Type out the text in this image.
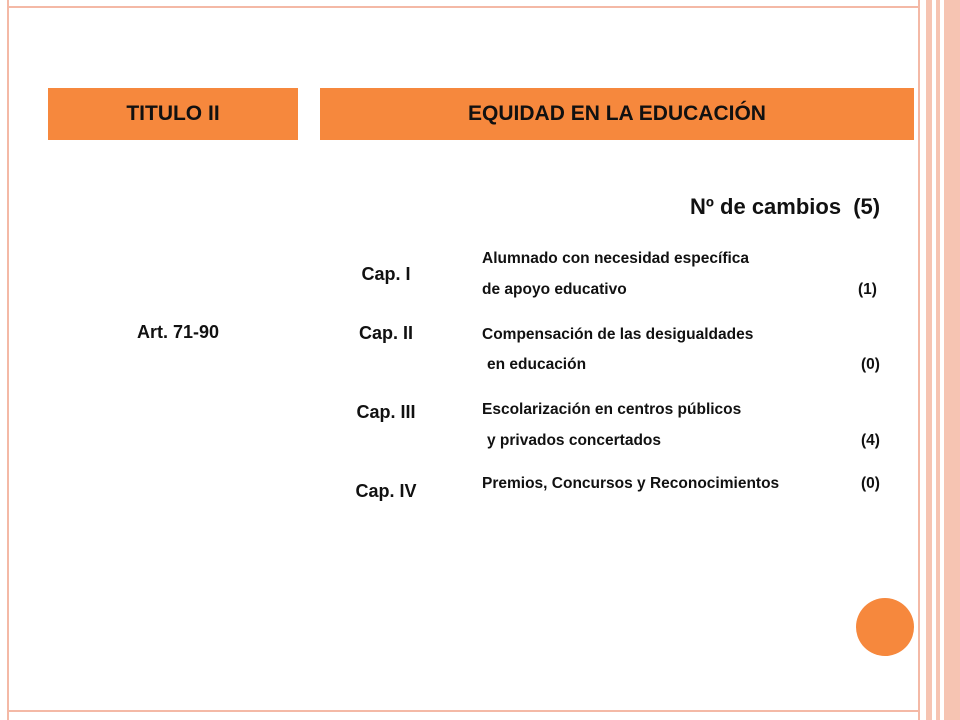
TITULO II	EQUIDAD EN LA EDUCACIÓN
Nº de cambios (5)
Art. 71-90
Cap. I
Alumnado con necesidad específica
de apoyo educativo	(1)
Cap. II	Compensación de las desigualdades
en educación	(0)
Cap. III	Escolarización en centros públicos
y privados concertados	(4)
Cap. IV	Premios, Concursos y Reconocimientos	(0)
